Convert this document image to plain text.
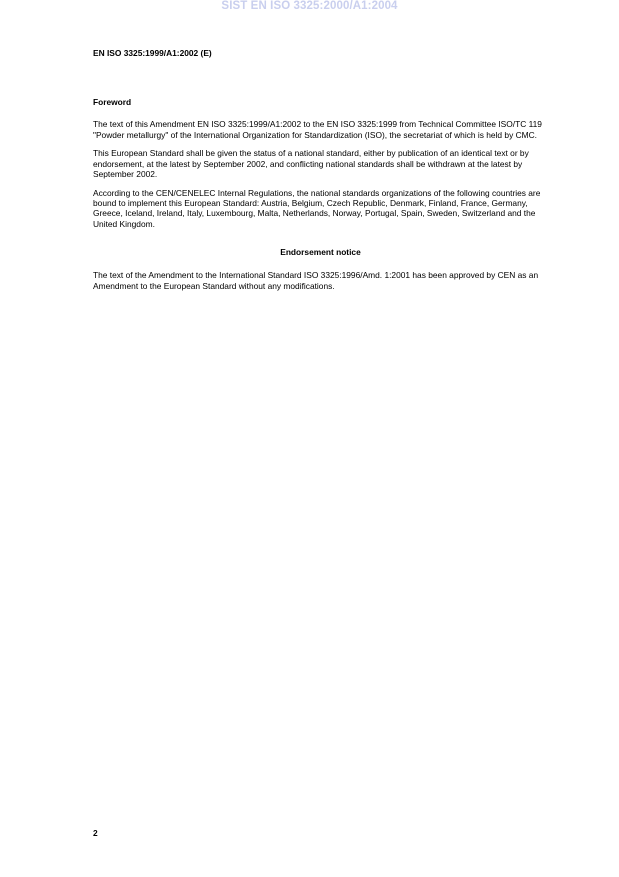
SIST EN ISO 3325:2000/A1:2004
EN ISO 3325:1999/A1:2002 (E)
Foreword

The text of this Amendment EN ISO 3325:1999/A1:2002 to the EN ISO 3325:1999 from Technical Committee ISO/TC 119 "Powder metallurgy" of the International Organization for Standardization (ISO), the secretariat of which is held by CMC.

This European Standard shall be given the status of a national standard, either by publication of an identical text or by endorsement, at the latest by September 2002, and conflicting national standards shall be withdrawn at the latest by September 2002.

According to the CEN/CENELEC Internal Regulations, the national standards organizations of the following countries are bound to implement this European Standard: Austria, Belgium, Czech Republic, Denmark, Finland, France, Germany, Greece, Iceland, Ireland, Italy, Luxembourg, Malta, Netherlands, Norway, Portugal, Spain, Sweden, Switzerland and the United Kingdom.

Endorsement notice

The text of the Amendment to the International Standard ISO 3325:1996/Amd. 1:2001 has been approved by CEN as an Amendment to the European Standard without any modifications.

2
